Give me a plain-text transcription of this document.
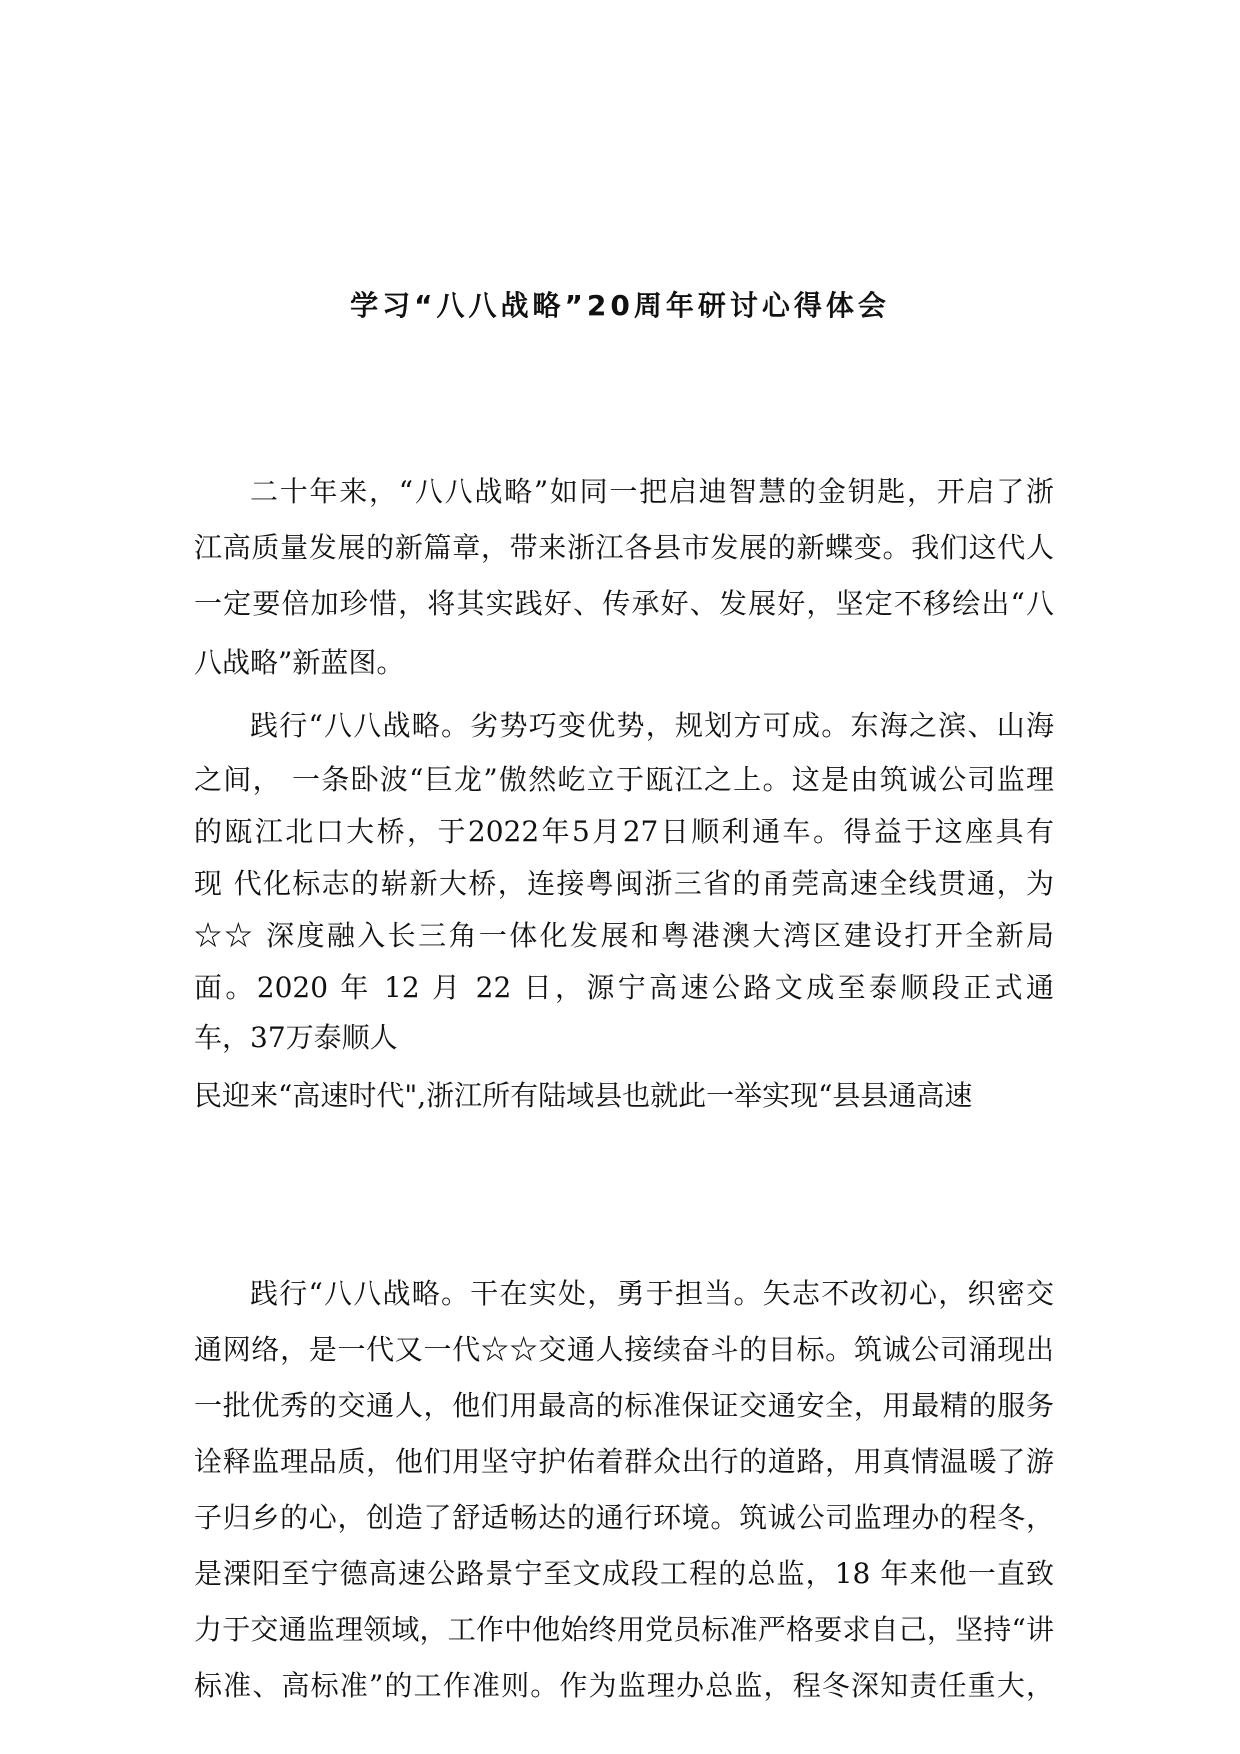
学习“八八战略”20周年研讨心得体会
二十年来，“八八战略”如同一把启迪智慧的金钥匙，开启了浙
江高质量发展的新篇章，带来浙江各县市发展的新蝶变。我们这代人
一定要倍加珍惜，将其实践好、传承好、发展好，坚定不移绘出“八
八战略”新蓝图。
践行“八八战略。劣势巧变优势，规划方可成。东海之滨、山海
之间， 一条卧波“巨龙”傲然屹立于瓯江之上。这是由筑诚公司监理
的瓯江北口大桥，于2022年5月27日顺利通车。得益于这座具有
现 代化标志的崭新大桥，连接粤闽浙三省的甬莞高速全线贯通，为
☆☆ 深度融入长三角一体化发展和粤港澳大湾区建设打开全新局
面。2020 年 12 月 22 日，源宁高速公路文成至泰顺段正式通
车，37万泰顺人
民迎来“高速时代",浙江所有陆域县也就此一举实现“县县通高速
践行“八八战略。干在实处，勇于担当。矢志不改初心，织密交
通网络，是一代又一代☆☆交通人接续奋斗的目标。筑诚公司涌现出
一批优秀的交通人，他们用最高的标准保证交通安全，用最精的服务
诠释监理品质，他们用坚守护佑着群众出行的道路，用真情温暖了游
子归乡的心，创造了舒适畅达的通行环境。筑诚公司监理办的程冬，
是溧阳至宁德高速公路景宁至文成段工程的总监，18 年来他一直致
力于交通监理领域，工作中他始终用党员标准严格要求自己，坚持“讲
标准、高标准”的工作准则。作为监理办总监，程冬深知责任重大，
